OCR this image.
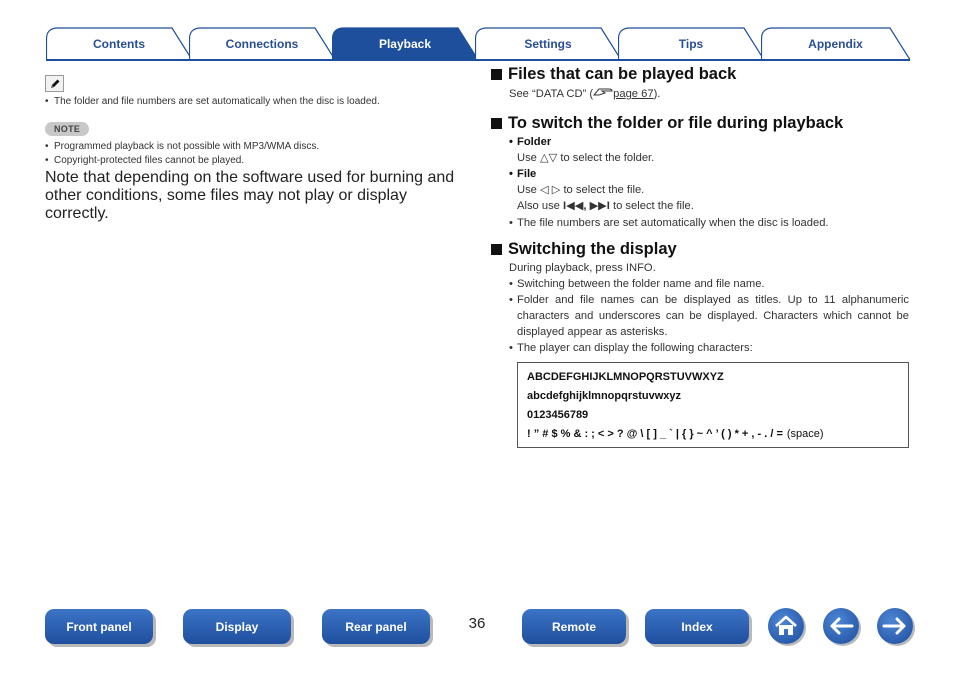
Contents	Connections	Playback	Settings	Tips	Appendix
• The folder and file numbers are set automatically when the disc is loaded.
NOTE
• Programmed playback is not possible with MP3/WMA discs.
• Copyright-protected files cannot be played.

Note that depending on the software used for burning and other conditions, some files may not play or display correctly.

Files that can be played back

See “DATA CD” ( page 67).

To switch the folder or file during playback

• Folder

Use △▽ to select the folder.

• File

Use ◁ ▷ to select the file.

Also use I◀◀, ▶▶I to select the file.

• The file numbers are set automatically when the disc is loaded.

Switching the display

During playback, press INFO.

• Switching between the folder name and file name.

• Folder and file names can be displayed as titles. Up to 11 alphanumeric characters and underscores can be displayed. Characters which cannot be displayed appear as asterisks.

• The player can display the following characters:

ABCDEFGHIJKLMNOPQRSTUVWXYZ
abcdefghijklmnopqrstuvwxyz
0123456789
! ” # $ % & : ; < > ? @ \ [ ] _ ` | { } ~ ^ ’ ( ) * + , - . / = (space)
Front panel	Display	Rear panel	36	Remote	Index
